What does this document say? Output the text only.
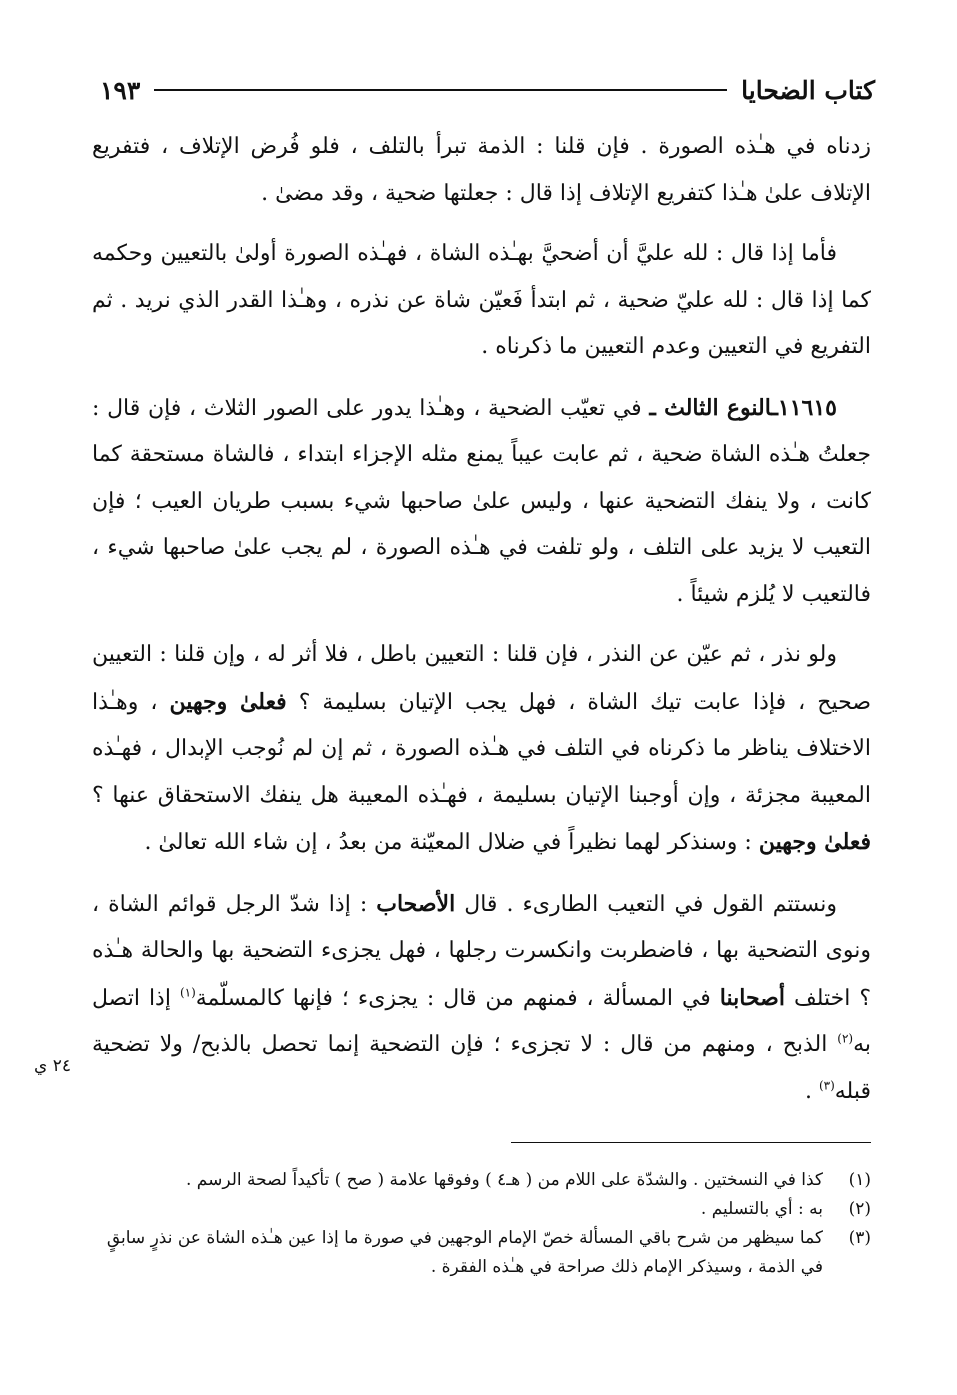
كتاب الضحايا
١٩٣

زدناه في هـٰذه الصورة . فإن قلنا : الذمة تبرأ بالتلف ، فلو فُرض الإتلاف ، فتفريع الإتلاف علىٰ هـٰذا كتفريع الإتلاف إذا قال : جعلتها ضحية ، وقد مضىٰ .

فأما إذا قال : لله عليَّ أن أضحيَّ بهـٰذه الشاة ، فهـٰذه الصورة أولىٰ بالتعيين وحكمه كما إذا قال : لله عليّ ضحية ، ثم ابتدأ فَعيّن شاة عن نذره ، وهـٰذا القدر الذي نريد . ثم التفريع في التعيين وعدم التعيين ما ذكرناه .

١١٦١٥ـالنوع الثالث ـ في تعيّب الضحية ، وهـٰذا يدور على الصور الثلاث ، فإن قال : جعلتُ هـٰذه الشاة ضحية ، ثم عابت عيباً يمنع مثله الإجزاء ابتداء ، فالشاة مستحقة كما كانت ، ولا ينفك التضحية عنها ، وليس علىٰ صاحبها شيء بسبب طريان العيب ؛ فإن التعيب لا يزيد على التلف ، ولو تلفت في هـٰذه الصورة ، لم يجب علىٰ صاحبها شيء ، فالتعيب لا يُلزم شيئاً .

ولو نذر ، ثم عيّن عن النذر ، فإن قلنا : التعيين باطل ، فلا أثر له ، وإن قلنا : التعيين صحيح ، فإذا عابت تيك الشاة ، فهل يجب الإتيان بسليمة ؟ فعلىٰ وجهين ، وهـٰذا الاختلاف يناظر ما ذكرناه في التلف في هـٰذه الصورة ، ثم إن لم نُوجب الإبدال ، فهـٰذه المعيبة مجزئة ، وإن أوجبنا الإتيان بسليمة ، فهـٰذه المعيبة هل ينفك الاستحقاق عنها ؟ فعلىٰ وجهين : وسنذكر لهما نظيراً في ضلال المعيّنة من بعدُ ، إن شاء الله تعالىٰ .

ونستتم القول في التعيب الطارىء . قال الأصحاب : إذا شدّ الرجل قوائم الشاة ، ونوى التضحية بها ، فاضطربت وانكسرت رجلها ، فهل يجزىء التضحية بها والحالة هـٰذه ؟ اختلف أصحابنا في المسألة ، فمنهم من قال : يجزىء ؛ فإنها كالمسلّمة$^{(١)}$ إذا اتصل به$^{(٢)}$ الذبح ، ومنهم من قال : لا تجزىء ؛ فإن التضحية إنما تحصل بالذبح/ ولا تضحية قبله$^{(٣)}$ .

٢٤ ي
(١)
كذا في النسختين . والشدّة على اللام من ( هـ٤ ) وفوقها علامة ( صح ) تأكيداً لصحة الرسم .
(٢)
به : أي بالتسليم .
(٣)
كما سيظهر من شرح باقي المسألة خصّ الإمام الوجهين في صورة ما إذا عين هـٰذه الشاة عن نذرٍ سابقٍ في الذمة ، وسيذكر الإمام ذلك صراحة في هـٰذه الفقرة .
